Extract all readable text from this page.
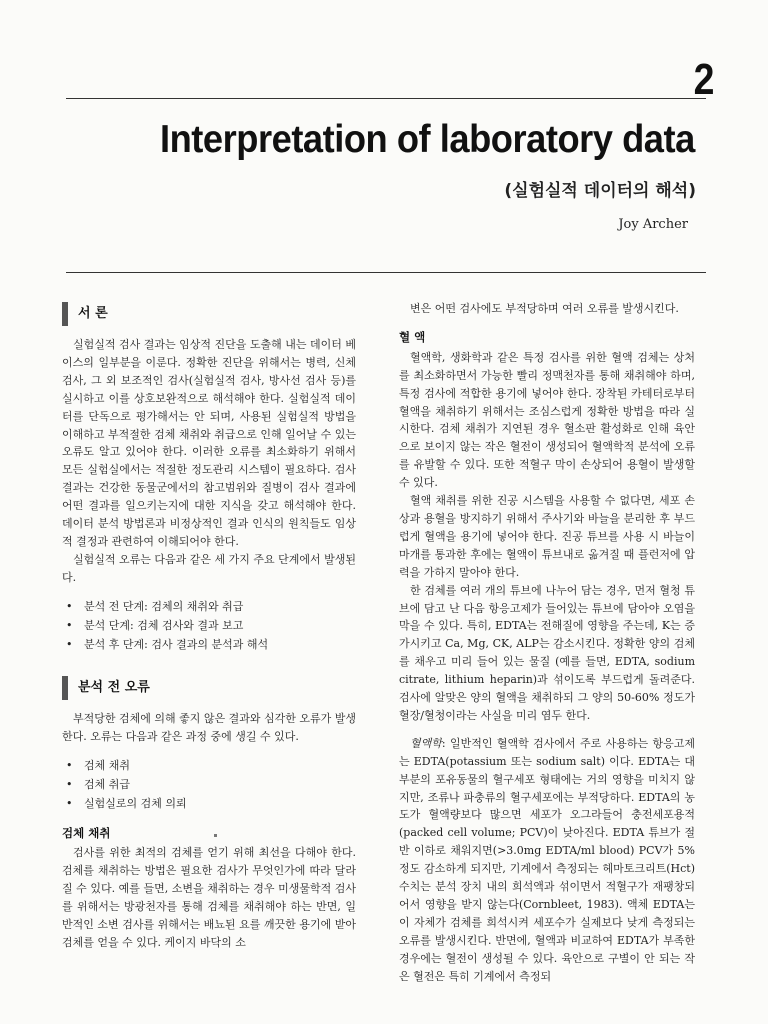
2
Interpretation of laboratory data
(실험실적 데이터의 해석)
Joy Archer
서 론

실험실적 검사 결과는 임상적 진단을 도출해 내는 데이터 베이스의 일부분을 이룬다. 정확한 진단을 위해서는 병력, 신체검사, 그 외 보조적인 검사(실험실적 검사, 방사선 검사 등)를 실시하고 이를 상호보완적으로 해석해야 한다. 실험실적 데이터를 단독으로 평가해서는 안 되며, 사용된 실험실적 방법을 이해하고 부적절한 검체 채취와 취급으로 인해 일어날 수 있는 오류도 알고 있어야 한다. 이러한 오류를 최소화하기 위해서 모든 실험실에서는 적절한 정도관리 시스템이 필요하다. 검사 결과는 건강한 동물군에서의 참고범위와 질병이 검사 결과에 어떤 결과를 일으키는지에 대한 지식을 갖고 해석해야 한다. 데이터 분석 방법론과 비정상적인 결과 인식의 원칙들도 임상적 결정과 관련하여 이해되어야 한다.

실험실적 오류는 다음과 같은 세 가지 주요 단계에서 발생된다.

• 분석 전 단계: 검체의 채취와 취급
• 분석 단계: 검체 검사와 결과 보고
• 분석 후 단계: 검사 결과의 분석과 해석
분석 전 오류

부적당한 검체에 의해 좋지 않은 결과와 심각한 오류가 발생한다. 오류는 다음과 같은 과정 중에 생길 수 있다.

• 검체 채취
• 검체 취급
• 실험실로의 검체 의뢰
검체 채취

검사를 위한 최적의 검체를 얻기 위해 최선을 다해야 한다. 검체를 채취하는 방법은 필요한 검사가 무엇인가에 따라 달라질 수 있다. 예를 들면, 소변을 채취하는 경우 미생물학적 검사를 위해서는 방광천자를 통해 검체를 채취해야 하는 반면, 일반적인 소변 검사를 위해서는 배뇨된 요를 깨끗한 용기에 받아 검체를 얻을 수 있다. 케이지 바닥의 소

변은 어떤 검사에도 부적당하며 여러 오류를 발생시킨다.

혈 액

혈액학, 생화학과 같은 특정 검사를 위한 혈액 검체는 상처를 최소화하면서 가능한 빨리 정맥천자를 통해 채취해야 하며, 특정 검사에 적합한 용기에 넣어야 한다. 장착된 카테터로부터 혈액을 채취하기 위해서는 조심스럽게 정확한 방법을 따라 실시한다. 검체 채취가 지연된 경우 혈소판 활성화로 인해 육안으로 보이지 않는 작은 혈전이 생성되어 혈액학적 분석에 오류를 유발할 수 있다. 또한 적혈구 막이 손상되어 용혈이 발생할 수 있다.

혈액 채취를 위한 진공 시스템을 사용할 수 없다면, 세포 손상과 용혈을 방지하기 위해서 주사기와 바늘을 분리한 후 부드럽게 혈액을 용기에 넣어야 한다. 진공 튜브를 사용 시 바늘이 마개를 통과한 후에는 혈액이 튜브내로 옮겨질 때 플런저에 압력을 가하지 말아야 한다.

한 검체를 여러 개의 튜브에 나누어 담는 경우, 먼저 혈청 튜브에 담고 난 다음 항응고제가 들어있는 튜브에 담아야 오염을 막을 수 있다. 특히, EDTA는 전해질에 영향을 주는데, K는 증가시키고 Ca, Mg, CK, ALP는 감소시킨다. 정확한 양의 검체를 채우고 미리 들어 있는 물질 (예를 들면, EDTA, sodium citrate, lithium heparin)과 섞이도록 부드럽게 돌려준다. 검사에 알맞은 양의 혈액을 채취하되 그 양의 50-60% 정도가 혈장/혈청이라는 사실을 미리 염두 한다.

혈액학: 일반적인 혈액학 검사에서 주로 사용하는 항응고제는 EDTA(potassium 또는 sodium salt) 이다. EDTA는 대부분의 포유동물의 혈구세포 형태에는 거의 영향을 미치지 않지만, 조류나 파충류의 혈구세포에는 부적당하다. EDTA의 농도가 혈액량보다 많으면 세포가 오그라들어 충전세포용적(packed cell volume; PCV)이 낮아진다. EDTA 튜브가 절반 이하로 채워지면(>3.0mg EDTA/ml blood) PCV가 5% 정도 감소하게 되지만, 기계에서 측정되는 헤마토크리트(Hct) 수치는 분석 장치 내의 희석액과 섞이면서 적혈구가 재팽창되어서 영향을 받지 않는다(Cornbleet, 1983). 액체 EDTA는 이 자체가 검체를 희석시켜 세포수가 실제보다 낮게 측정되는 오류를 발생시킨다. 반면에, 혈액과 비교하여 EDTA가 부족한 경우에는 혈전이 생성될 수 있다. 육안으로 구별이 안 되는 작은 혈전은 특히 기계에서 측정되
